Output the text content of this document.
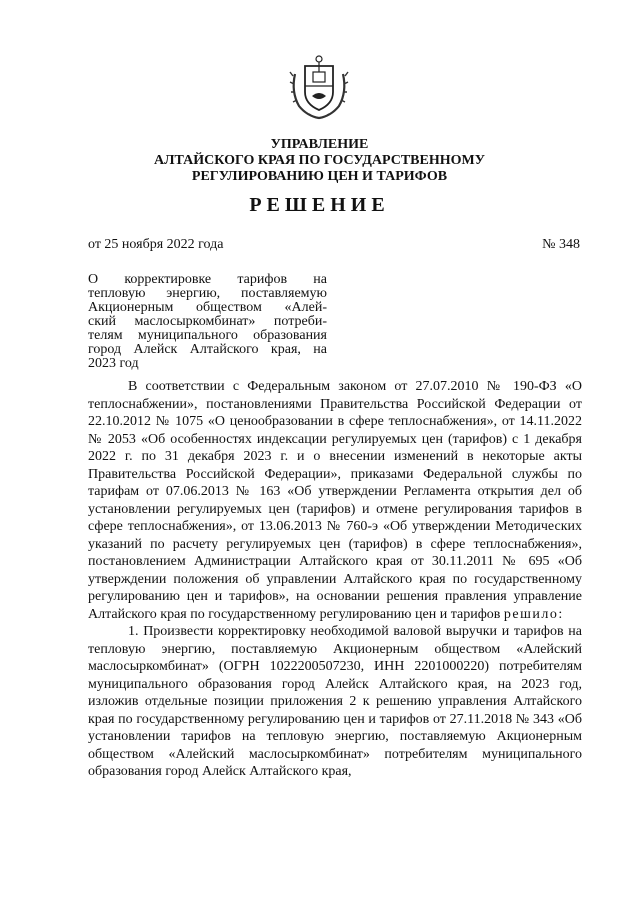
УПРАВЛЕНИЕ
АЛТАЙСКОГО КРАЯ ПО ГОСУДАРСТВЕННОМУ
РЕГУЛИРОВАНИЮ ЦЕН И ТАРИФОВ
РЕШЕНИЕ
от 25 ноября 2022 года	№ 348
О корректировке тарифов на
тепловую энергию, поставляемую
Акционерным обществом «Алей-
ский маслосыркомбинат» потреби-
телям муниципального образования
город Алейск Алтайского края, на
2023 год

В соответствии с Федеральным законом от 27.07.2010 № 190-ФЗ «О теплоснабжении», постановлениями Правительства Российской Федерации от 22.10.2012 № 1075 «О ценообразовании в сфере теплоснабжения», от 14.11.2022 № 2053 «Об особенностях индексации регулируемых цен (тарифов) с 1 декабря 2022 г. по 31 декабря 2023 г. и о внесении изменений в некоторые акты Правительства Российской Федерации», приказами Федеральной службы по тарифам от 07.06.2013 № 163 «Об утверждении Регламента открытия дел об установлении регулируемых цен (тарифов) и отмене регулирования тарифов в сфере теплоснабжения», от 13.06.2013 № 760-э «Об утверждении Методических указаний по расчету регулируемых цен (тарифов) в сфере теплоснабжения», постановлением Администрации Алтайского края от 30.11.2011 № 695 «Об утверждении положения об управлении Алтайского края по государственному регулированию цен и тарифов», на основании решения правления управление Алтайского края по государственному регулированию цен и тарифов решило:

1. Произвести корректировку необходимой валовой выручки и тарифов на тепловую энергию, поставляемую Акционерным обществом «Алейский маслосыркомбинат» (ОГРН 1022200507230, ИНН 2201000220) потребителям муниципального образования город Алейск Алтайского края, на 2023 год, изложив отдельные позиции приложения 2 к решению управления Алтайского края по государственному регулированию цен и тарифов от 27.11.2018 № 343 «Об установлении тарифов на тепловую энергию, поставляемую Акционерным обществом «Алейский маслосыркомбинат» потребителям муниципального образования город Алейск Алтайского края,
